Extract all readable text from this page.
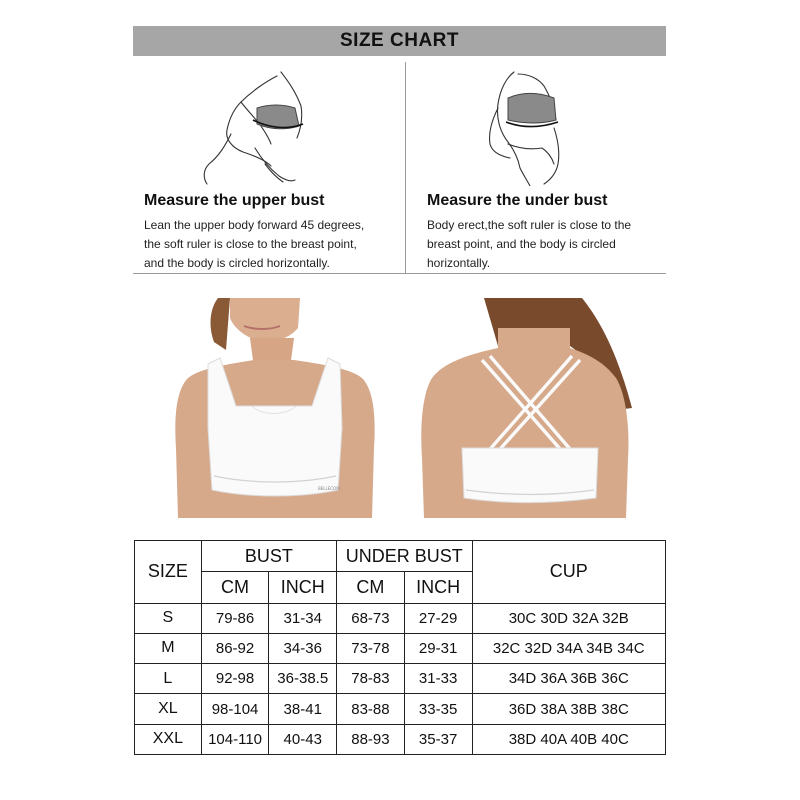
SIZE CHART
Measure the upper bust
Lean the upper body forward 45 degrees,
the soft ruler is close to the breast point,
and the body is circled horizontally.
Measure the under bust
Body erect,the soft ruler is close to the
breast point, and the body is circled
horizontally.
BELLECOM
SIZE	BUST		UNDER BUST		CUP
	CM	INCH	CM	INCH	
S	79-86	31-34	68-73	27-29	30C 30D 32A 32B
M	86-92	34-36	73-78	29-31	32C 32D 34A 34B 34C
L	92-98	36-38.5	78-83	31-33	34D 36A 36B 36C
XL	98-104	38-41	83-88	33-35	36D 38A 38B 38C
XXL	104-110	40-43	88-93	35-37	38D 40A 40B 40C
